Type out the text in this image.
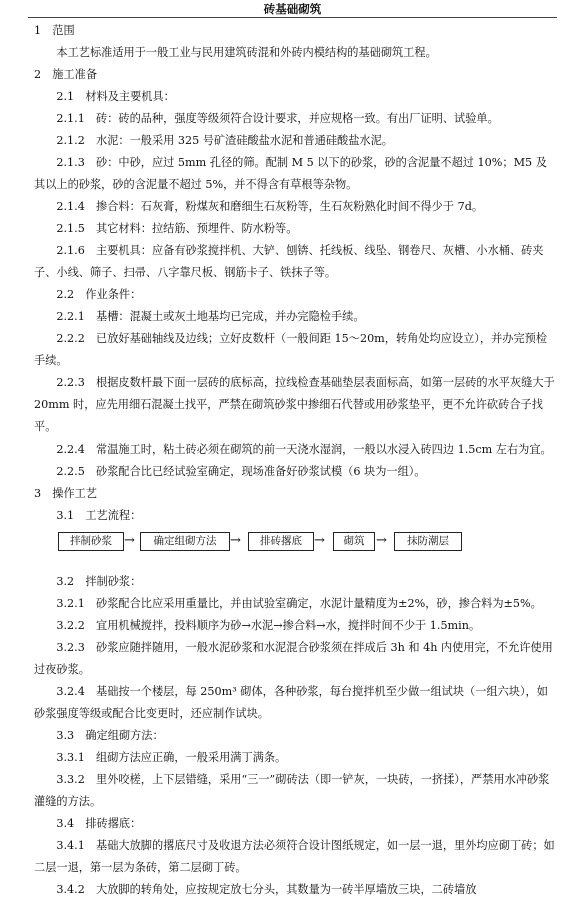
砖基础砌筑

1　范围

　　本工艺标准适用于一般工业与民用建筑砖混和外砖内模结构的基础砌筑工程。

2　施工准备

　　2.1　材料及主要机具：

　　2.1.1　砖：砖的品种，强度等级须符合设计要求，并应规格一致。有出厂证明、试验单。

　　2.1.2　水泥：一般采用 325 号矿渣硅酸盐水泥和普通硅酸盐水泥。

　　2.1.3　砂：中砂，应过 5mm 孔径的筛。配制 M 5 以下的砂浆，砂的含泥量不超过 10%；M5 及其以上的砂浆，砂的含泥量不超过 5%，并不得含有草根等杂物。

　　2.1.4　掺合料：石灰膏，粉煤灰和磨细生石灰粉等，生石灰粉熟化时间不得少于 7d。

　　2.1.5　其它材料：拉结筋、预埋件、防水粉等。

　　2.1.6　主要机具：应备有砂浆搅拌机、大铲、刨锛、托线板、线坠、钢卷尺、灰槽、小水桶、砖夹子、小线、筛子、扫帚、八字靠尺板、钢筋卡子、铁抹子等。

　　2.2　作业条件：

　　2.2.1　基槽：混凝土或灰土地基均已完成，并办完隐检手续。

　　2.2.2　已放好基础轴线及边线；立好皮数杆（一般间距 15～20m，转角处均应设立），并办完预检手续。

　　2.2.3　根据皮数杆最下面一层砖的底标高，拉线检查基础垫层表面标高，如第一层砖的水平灰缝大于 20mm 时，应先用细石混凝土找平，严禁在砌筑砂浆中掺细石代替或用砂浆垫平，更不允许砍砖合子找平。

　　2.2.4　常温施工时，粘土砖必须在砌筑的前一天浇水湿润，一般以水浸入砖四边 1.5cm 左右为宜。

3　操作工艺

　　2.2.5　砂浆配合比已经试验室确定，现场准备好砂浆试模（6 块为一组）。

　　3.1　工艺流程：

拌制砂浆 →	确定组砌方法	→	排砖撂底 →	砌筑 →	抹防潮层

　　3.2　拌制砂浆：

　　3.2.1　砂浆配合比应采用重量比，并由试验室确定，水泥计量精度为±2%，砂，掺合料为±5%。

　　3.2.2　宜用机械搅拌，投料顺序为砂→水泥→掺合料→水，搅拌时间不少于 1.5min。

　　3.2.3　砂浆应随拌随用，一般水泥砂浆和水泥混合砂浆须在拌成后 3h 和 4h 内使用完，不允许使用过夜砂浆。

　　3.2.4　基础按一个楼层，每 250m³ 砌体，各种砂浆，每台搅拌机至少做一组试块（一组六块），如砂浆强度等级或配合比变更时，还应制作试块。

　　3.3　确定组砌方法：

　　3.3.1　组砌方法应正确，一般采用满丁满条。

　　3.3.2　里外咬槎，上下层错缝，采用“三一”砌砖法（即一铲灰，一块砖，一挤揉），严禁用水冲砂浆灌缝的方法。

　　3.4　排砖撂底：

　　3.4.1　基础大放脚的撂底尺寸及收退方法必须符合设计图纸规定，如一层一退，里外均应砌丁砖；如二层一退，第一层为条砖，第二层砌丁砖。

　　3.4.2　大放脚的转角处，应按规定放七分头，其数量为一砖半厚墙放三块，二砖墙放
